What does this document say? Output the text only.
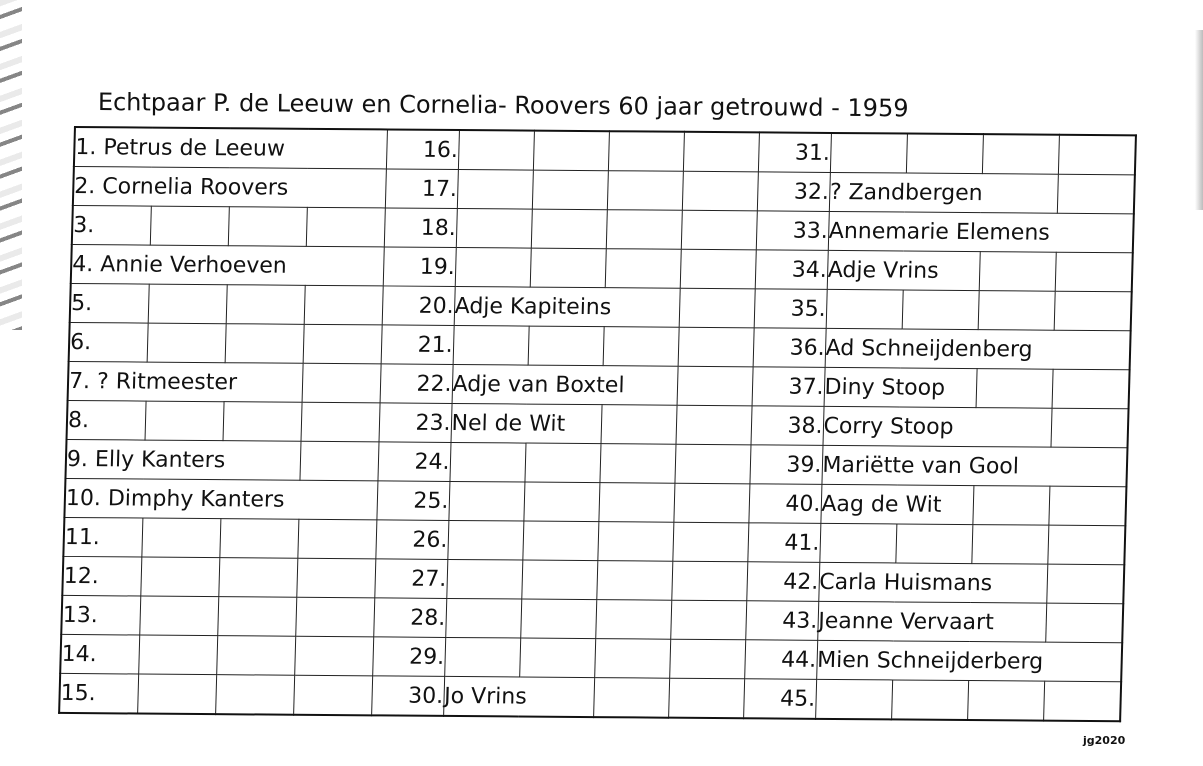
Echtpaar P. de Leeuw en Cornelia- Roovers 60 jaar getrouwd - 1959
1. Petrus de Leeuw				16.					31.				
2. Cornelia Roovers				17.					32.	? Zandbergen			
3.				18.					33.	Annemarie Elemens			
4. Annie Verhoeven				19.					34.	Adje Vrins			
5.				20.	Adje Kapiteins				35.				
6.				21.					36.	Ad Schneijdenberg			
7. ? Ritmeester				22.	Adje van Boxtel				37.	Diny Stoop			
8.				23.	Nel de Wit				38.	Corry Stoop			
9. Elly Kanters				24.					39.	Mariëtte van Gool			
10. Dimphy Kanters				25.					40.	Aag de Wit			
11.				26.					41.				
12.				27.					42.	Carla Huismans			
13.				28.					43.	Jeanne Vervaart			
14.				29.					44.	Mien Schneijderberg			
15.				30.	Jo Vrins				45.				
jg2020
